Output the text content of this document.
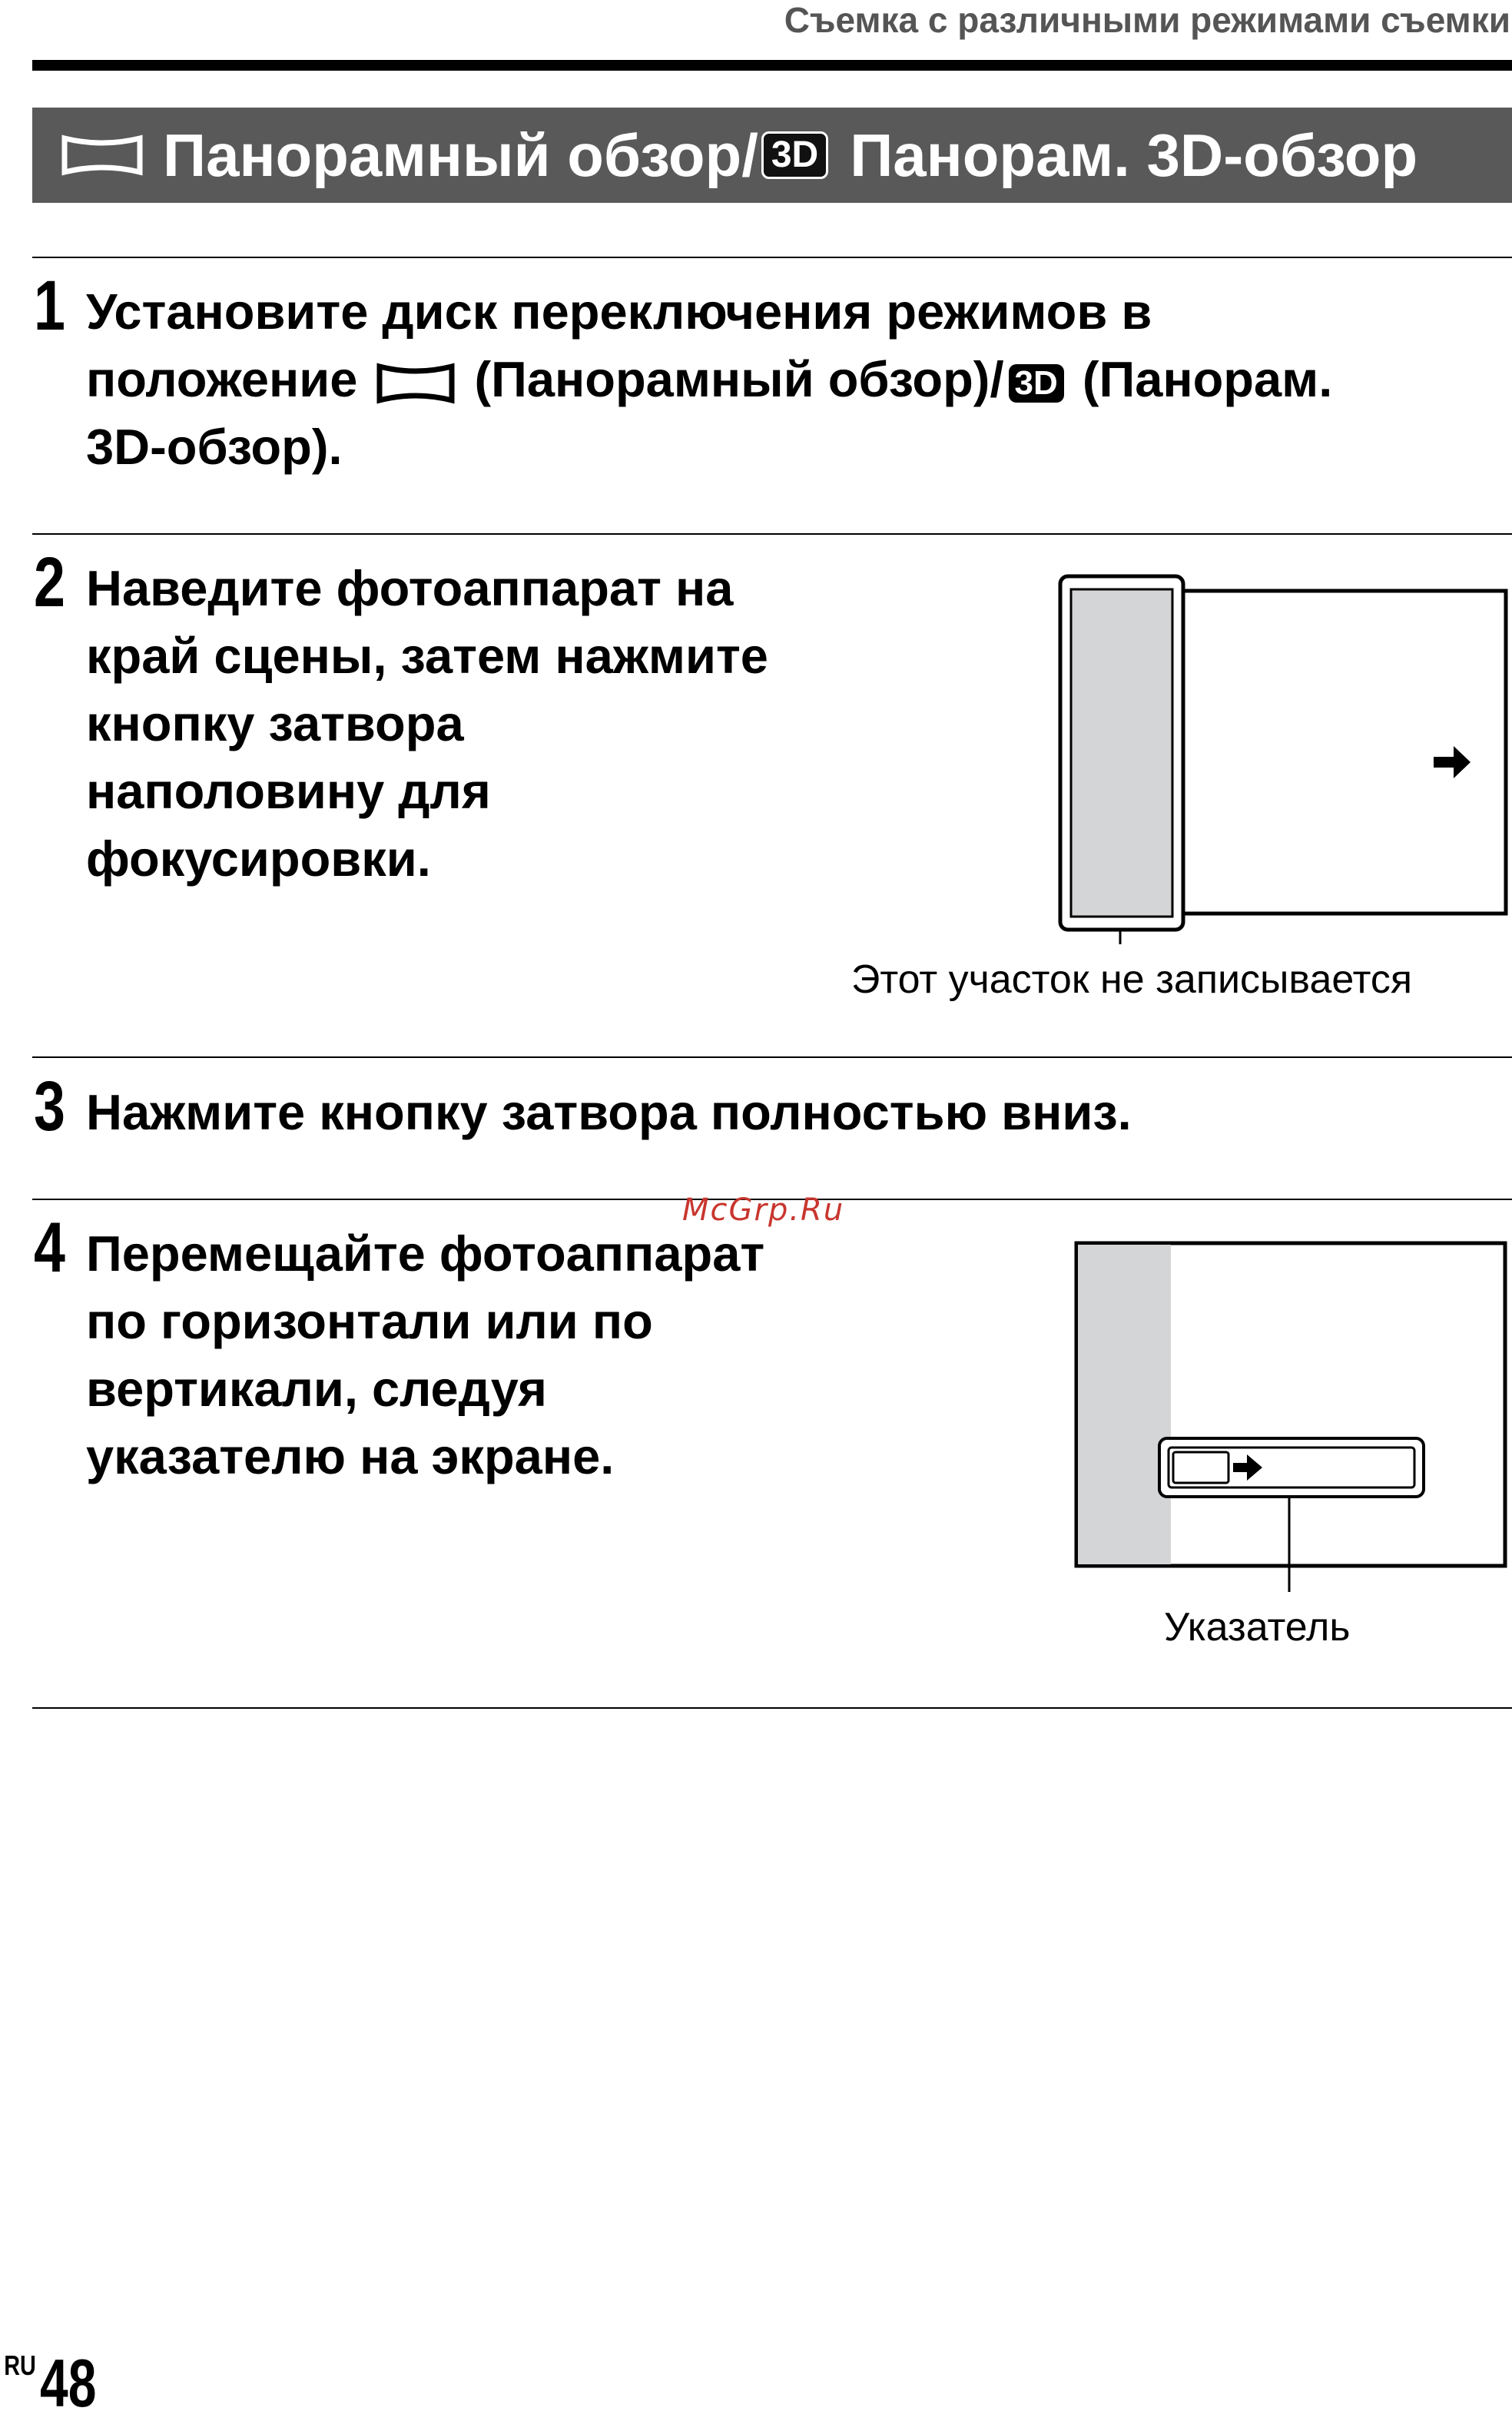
Съемка с различными режимами съемки
Панорамный обзор/ 3D Панорам. 3D-обзор
1 Установите диск переключения режимов в
положение (Панорамный обзор)/ 3D (Панорам.
3D-обзор).
2 Наведите фотоаппарат на
край сцены, затем нажмите
кнопку затвора
наполовину для
фокусировки.
Этот участок не записывается
3 Нажмите кнопку затвора полностью вниз.
McGrp.Ru
4 Перемещайте фотоаппарат
по горизонтали или по
вертикали, следуя
указателю на экране.
Указатель
RU48
